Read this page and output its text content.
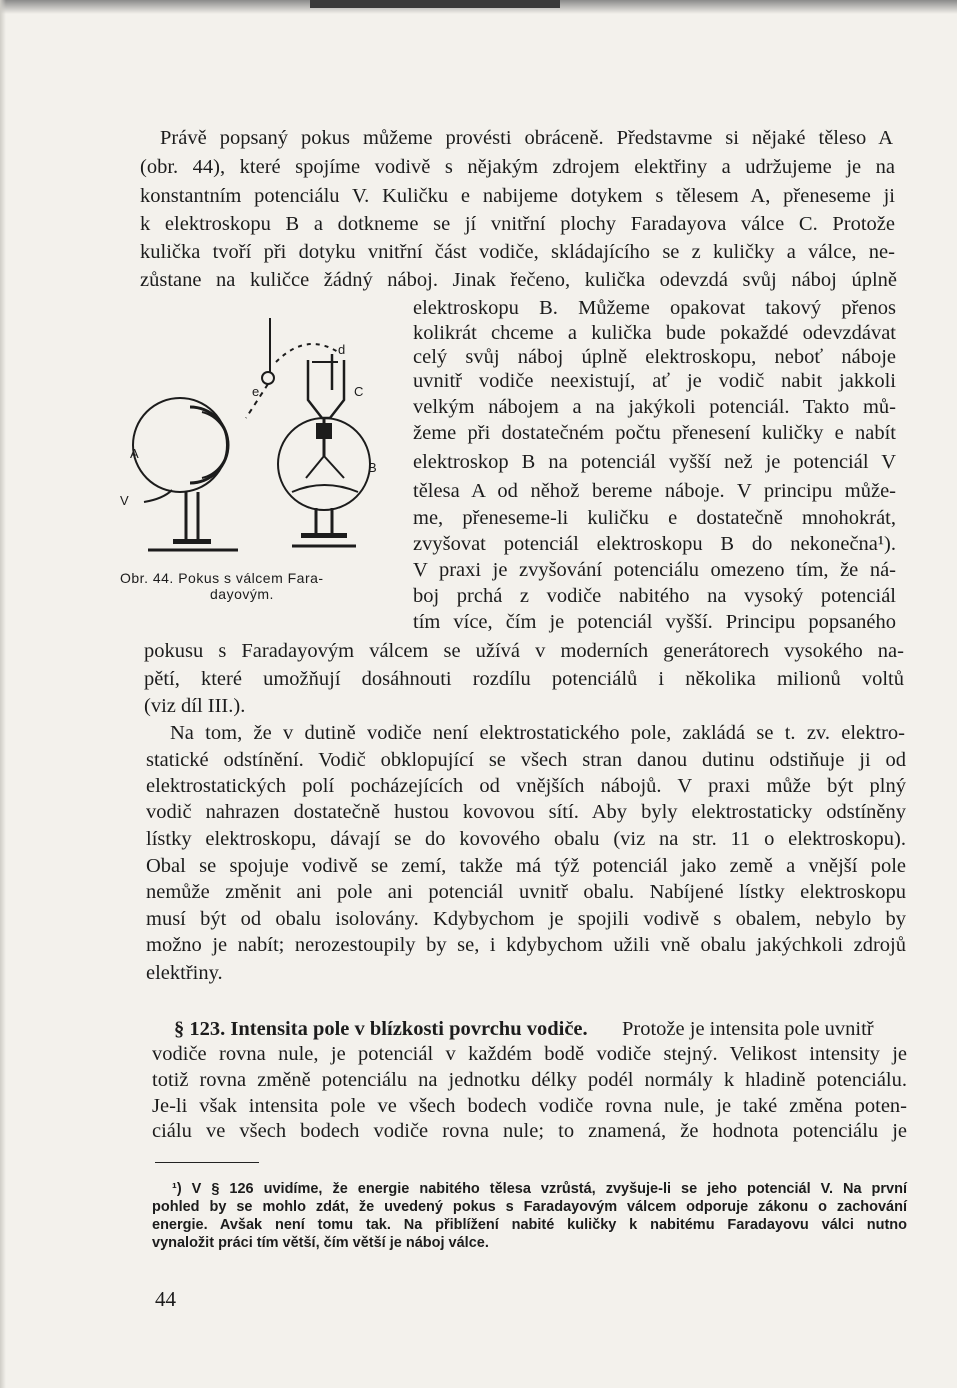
Právě popsaný pokus můžeme provésti obráceně. Představme si nějaké těleso A
(obr. 44), které spojíme vodivě s nějakým zdrojem elektřiny a udržujeme je na
konstantním potenciálu V. Kuličku e nabijeme dotykem s tělesem A, přeneseme ji
k elektroskopu B a dotkneme se jí vnitřní plochy Faradayova válce C. Protože
kulička tvoří při dotyku vnitřní část vodiče, skládajícího se z kuličky a válce, ne-
zůstane na kuličce žádný náboj. Jinak řečeno, kulička odevzdá svůj náboj úplně
A
V
e
d
C
B
Obr. 44. Pokus s válcem Fara-
dayovým.
elektroskopu B. Můžeme opakovat takový přenos
kolikrát chceme a kulička bude pokaždé odevzdávat
celý svůj náboj úplně elektroskopu, neboť náboje
uvnitř vodiče neexistují, ať je vodič nabit jakkoli
velkým nábojem a na jakýkoli potenciál. Takto mů-
žeme při dostatečném počtu přenesení kuličky e nabít
elektroskop B na potenciál vyšší než je potenciál V
tělesa A od něhož bereme náboje. V principu může-
me, přeneseme-li kuličku e dostatečně mnohokrát,
zvyšovat potenciál elektroskopu B do nekonečna¹).
V praxi je zvyšování potenciálu omezeno tím, že ná-
boj prchá z vodiče nabitého na vysoký potenciál
tím více, čím je potenciál vyšší. Principu popsaného
pokusu s Faradayovým válcem se užívá v moderních generátorech vysokého na-
pětí, které umožňují dosáhnouti rozdílu potenciálů i několika milionů voltů
(viz díl III.).
Na tom, že v dutině vodiče není elektrostatického pole, zakládá se t. zv. elektro-
statické odstínění. Vodič obklopující se všech stran danou dutinu odstiňuje ji od
elektrostatických polí pocházejících od vnějších nábojů. V praxi může být plný
vodič nahrazen dostatečně hustou kovovou sítí. Aby byly elektrostaticky odstíněny
lístky elektroskopu, dávají se do kovového obalu (viz na str. 11 o elektroskopu).
Obal se spojuje vodivě se zemí, takže má týž potenciál jako země a vnější pole
nemůže změnit ani pole ani potenciál uvnitř obalu. Nabíjené lístky elektroskopu
musí být od obalu isolovány. Kdybychom je spojili vodivě s obalem, nebylo by
možno je nabít; nerozestoupily by se, i kdybychom užili vně obalu jakýchkoli zdrojů
elektřiny.
§ 123. Intensita pole v blízkosti povrchu vodiče. Protože je intensita pole uvnitř
vodiče rovna nule, je potenciál v každém bodě vodiče stejný. Velikost intensity je
totiž rovna změně potenciálu na jednotku délky podél normály k hladině potenciálu.
Je-li však intensita pole ve všech bodech vodiče rovna nule, je také změna poten-
ciálu ve všech bodech vodiče rovna nule; to znamená, že hodnota potenciálu je
¹) V § 126 uvidíme, že energie nabitého tělesa vzrůstá, zvyšuje-li se jeho potenciál V. Na první
pohled by se mohlo zdát, že uvedený pokus s Faradayovým válcem odporuje zákonu o zachování
energie. Avšak není tomu tak. Na přiblížení nabité kuličky k nabitému Faradayovu válci nutno
vynaložit práci tím větší, čím větší je náboj válce.
44
